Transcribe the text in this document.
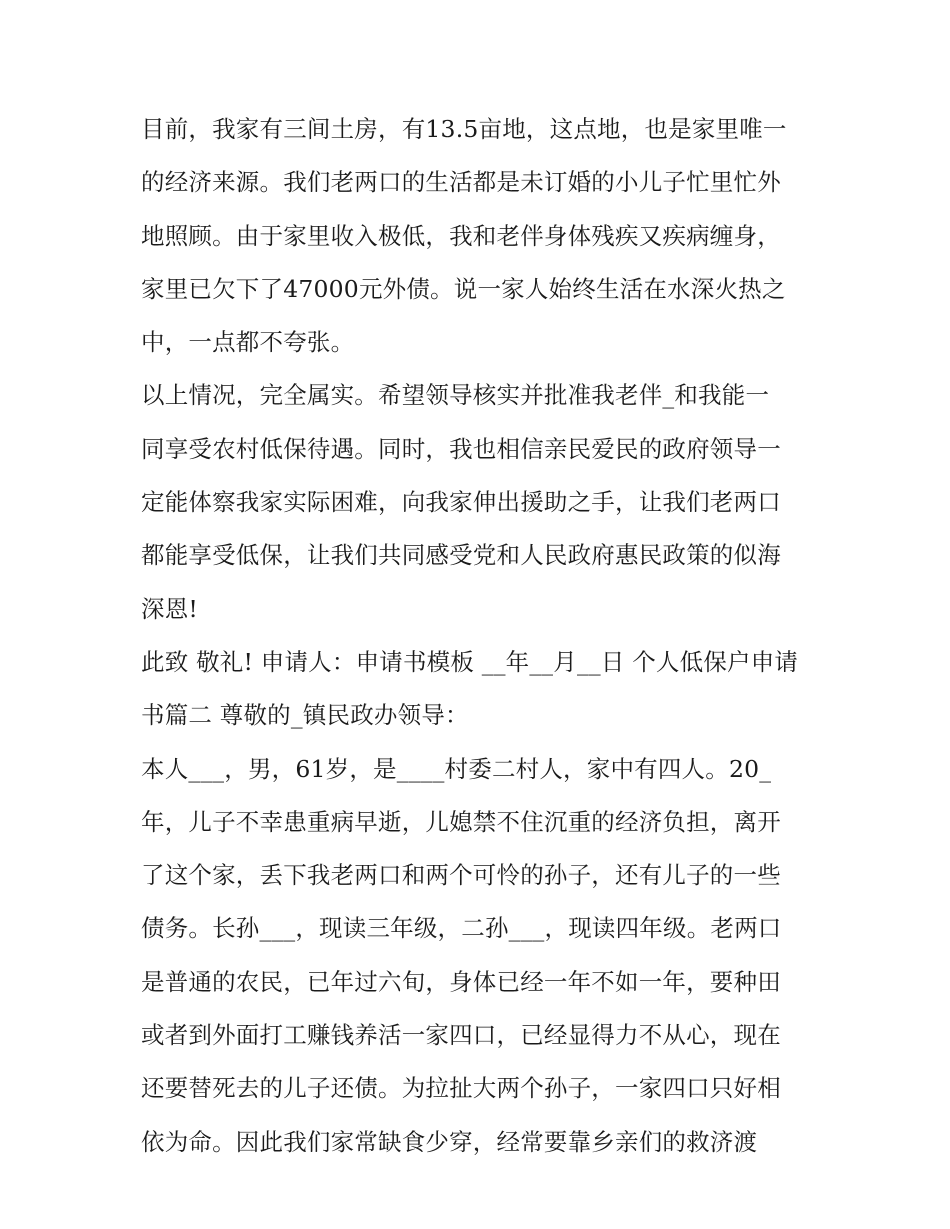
目前，我家有三间土房，有13.5亩地，这点地，也是家里唯一
的经济来源。我们老两口的生活都是未订婚的小儿子忙里忙外
地照顾。由于家里收入极低，我和老伴身体残疾又疾病缠身，
家里已欠下了47000元外债。说一家人始终生活在水深火热之
中，一点都不夸张。
以上情况，完全属实。希望领导核实并批准我老伴_和我能一
同享受农村低保待遇。同时，我也相信亲民爱民的政府领导一
定能体察我家实际困难，向我家伸出援助之手，让我们老两口
都能享受低保，让我们共同感受党和人民政府惠民政策的似海
深恩!
此致 敬礼! 申请人：申请书模板 __年__月__日 个人低保户申请
书篇二 尊敬的_镇民政办领导：
本人___，男，61岁，是____村委二村人，家中有四人。20_
年，儿子不幸患重病早逝，儿媳禁不住沉重的经济负担，离开
了这个家，丢下我老两口和两个可怜的孙子，还有儿子的一些
债务。长孙___，现读三年级，二孙___，现读四年级。老两口
是普通的农民，已年过六旬，身体已经一年不如一年，要种田
或者到外面打工赚钱养活一家四口，已经显得力不从心，现在
还要替死去的儿子还债。为拉扯大两个孙子，一家四口只好相
依为命。因此我们家常缺食少穿，经常要靠乡亲们的救济渡
